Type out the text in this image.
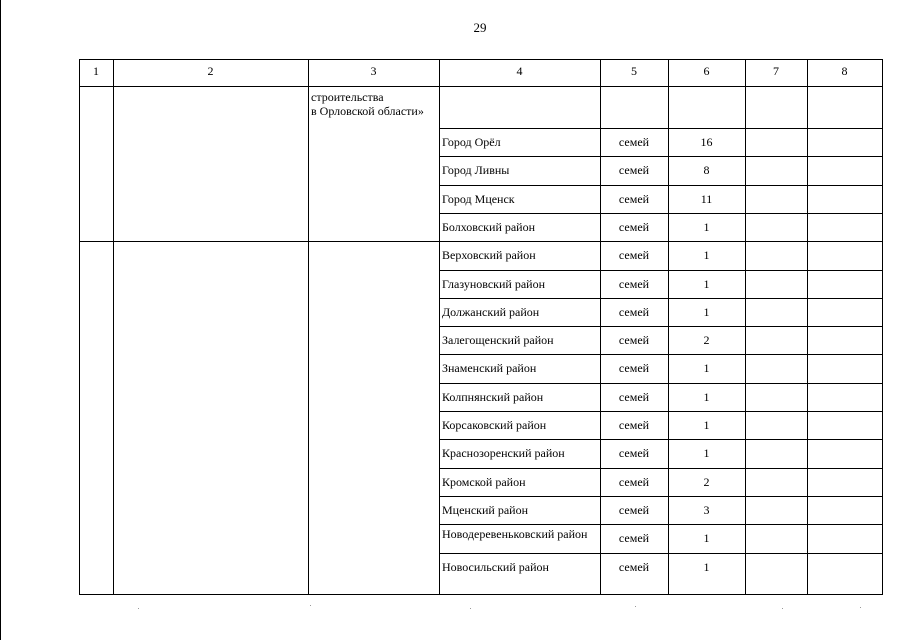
29
1	2	3	4	5	6	7	8
строительства
в Орловской области»
Город Орёл	семей	16
Город Ливны	семей	8
Город Мценск	семей	11
Болховский район	семей	1
Верховский район	семей	1
Глазуновский район	семей	1
Должанский район	семей	1
Залегощенский район	семей	2
Знаменский район	семей	1
Колпнянский район	семей	1
Корсаковский район	семей	1
Краснозоренский район	семей	1
Кромской район	семей	2
Мценский район	семей	3
Новодеревеньковский район	семей	1
Новосильский район	семей	1
